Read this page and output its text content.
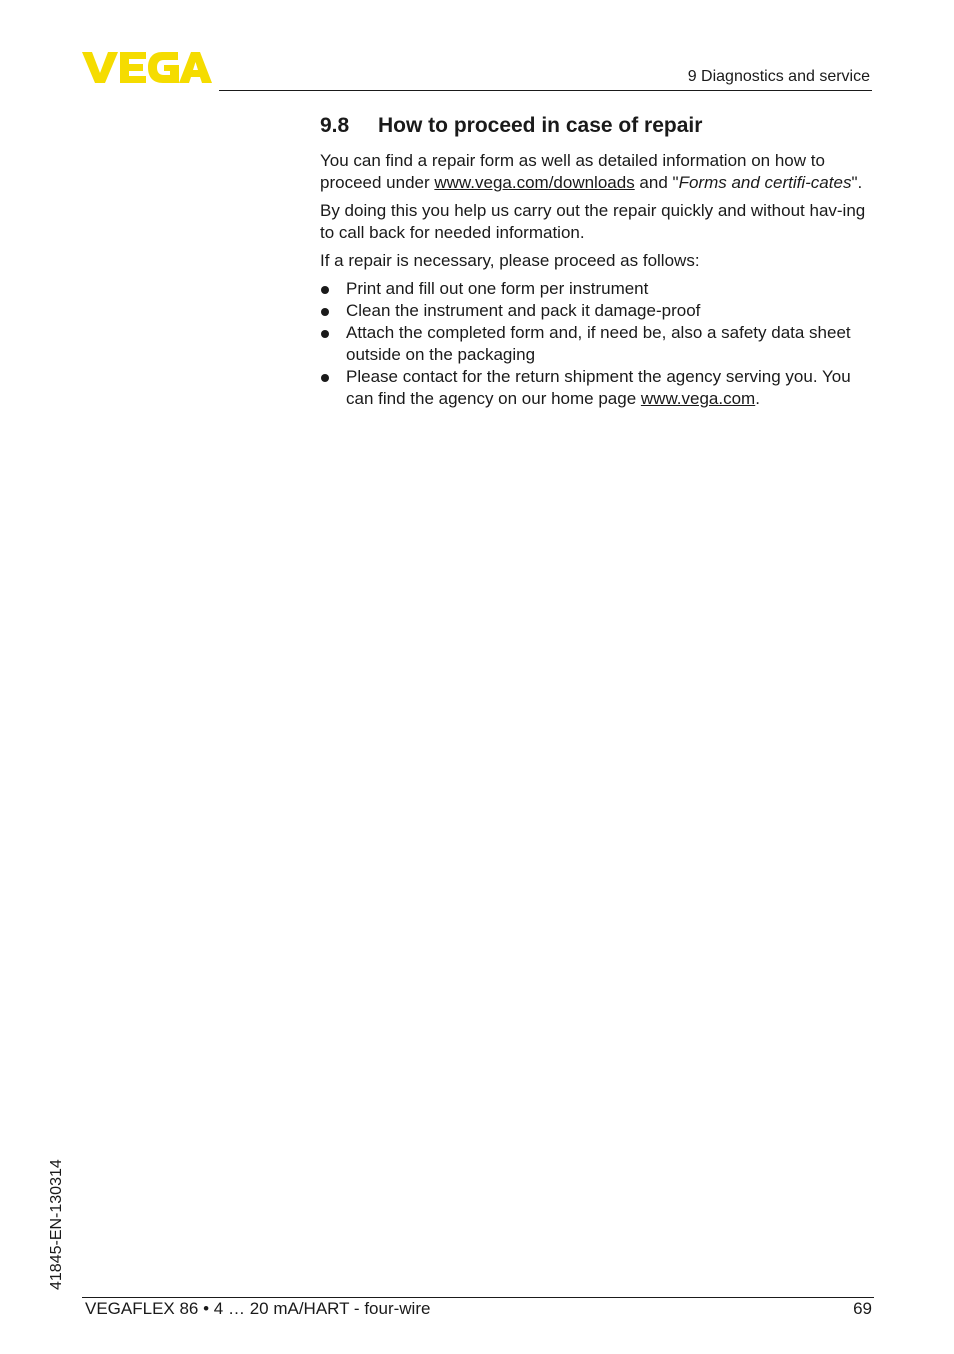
9 Diagnostics and service
9.8 How to proceed in case of repair

You can find a repair form as well as detailed information on how to proceed under www.vega.com/downloads and "Forms and certifi-cates".

By doing this you help us carry out the repair quickly and without hav-ing to call back for needed information.

If a repair is necessary, please proceed as follows:

Print and fill out one form per instrument
Clean the instrument and pack it damage-proof
Attach the completed form and, if need be, also a safety data sheet outside on the packaging
Please contact for the return shipment the agency serving you. You can find the agency on our home page www.vega.com.
41845-EN-130314
VEGAFLEX 86 • 4 … 20 mA/HART - four-wire	69
